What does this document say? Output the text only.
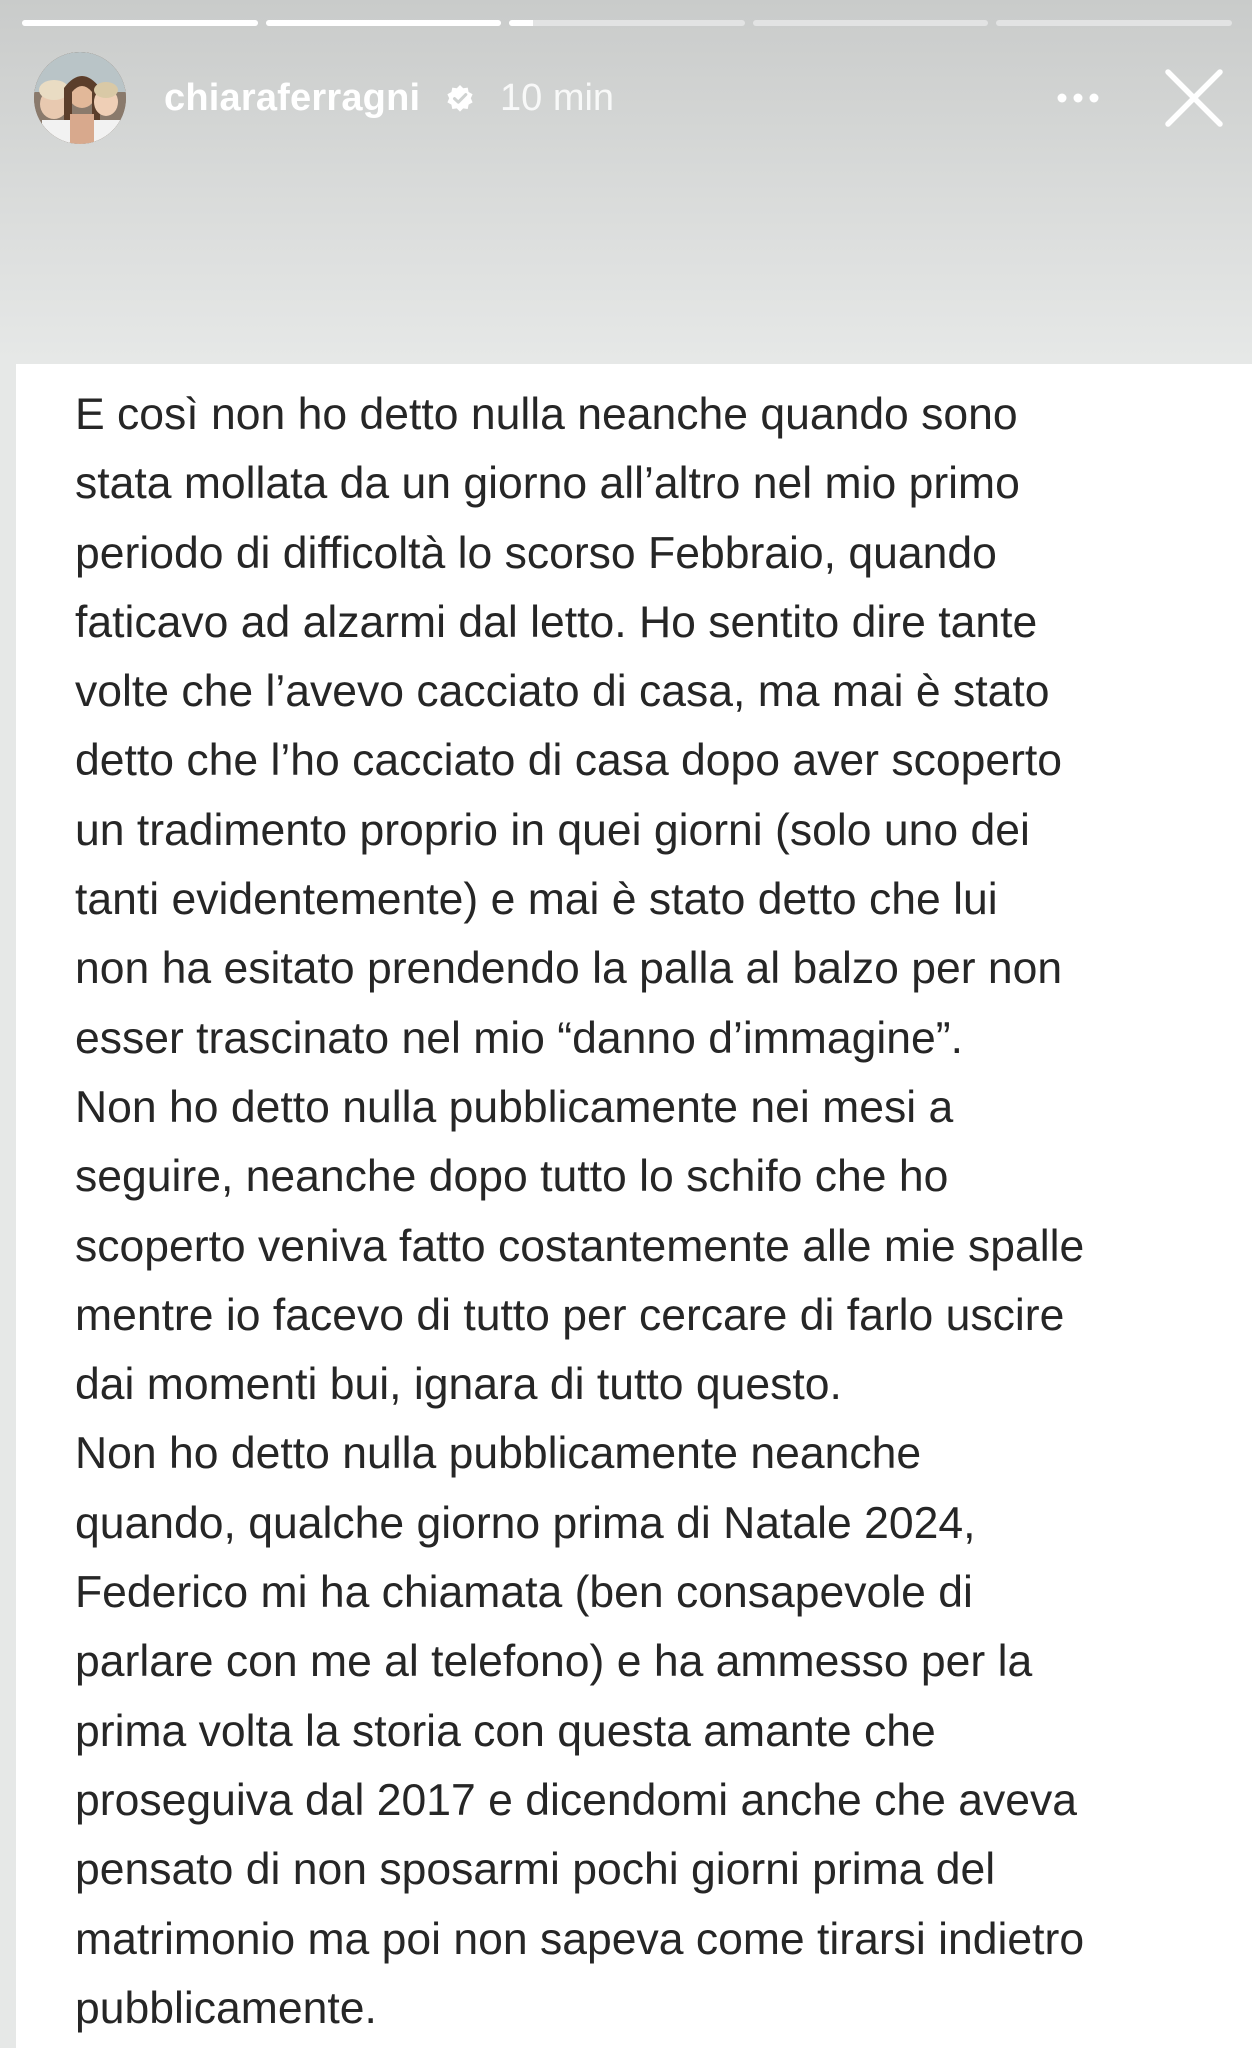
chiaraferragni 10 min

E così non ho detto nulla neanche quando sono
stata mollata da un giorno all’altro nel mio primo
periodo di difficoltà lo scorso Febbraio, quando
faticavo ad alzarmi dal letto. Ho sentito dire tante
volte che l’avevo cacciato di casa, ma mai è stato
detto che l’ho cacciato di casa dopo aver scoperto
un tradimento proprio in quei giorni (solo uno dei
tanti evidentemente) e mai è stato detto che lui
non ha esitato prendendo la palla al balzo per non
esser trascinato nel mio “danno d’immagine”.
Non ho detto nulla pubblicamente nei mesi a
seguire, neanche dopo tutto lo schifo che ho
scoperto veniva fatto costantemente alle mie spalle
mentre io facevo di tutto per cercare di farlo uscire
dai momenti bui, ignara di tutto questo.
Non ho detto nulla pubblicamente neanche
quando, qualche giorno prima di Natale 2024,
Federico mi ha chiamata (ben consapevole di
parlare con me al telefono) e ha ammesso per la
prima volta la storia con questa amante che
proseguiva dal 2017 e dicendomi anche che aveva
pensato di non sposarmi pochi giorni prima del
matrimonio ma poi non sapeva come tirarsi indietro
pubblicamente.
